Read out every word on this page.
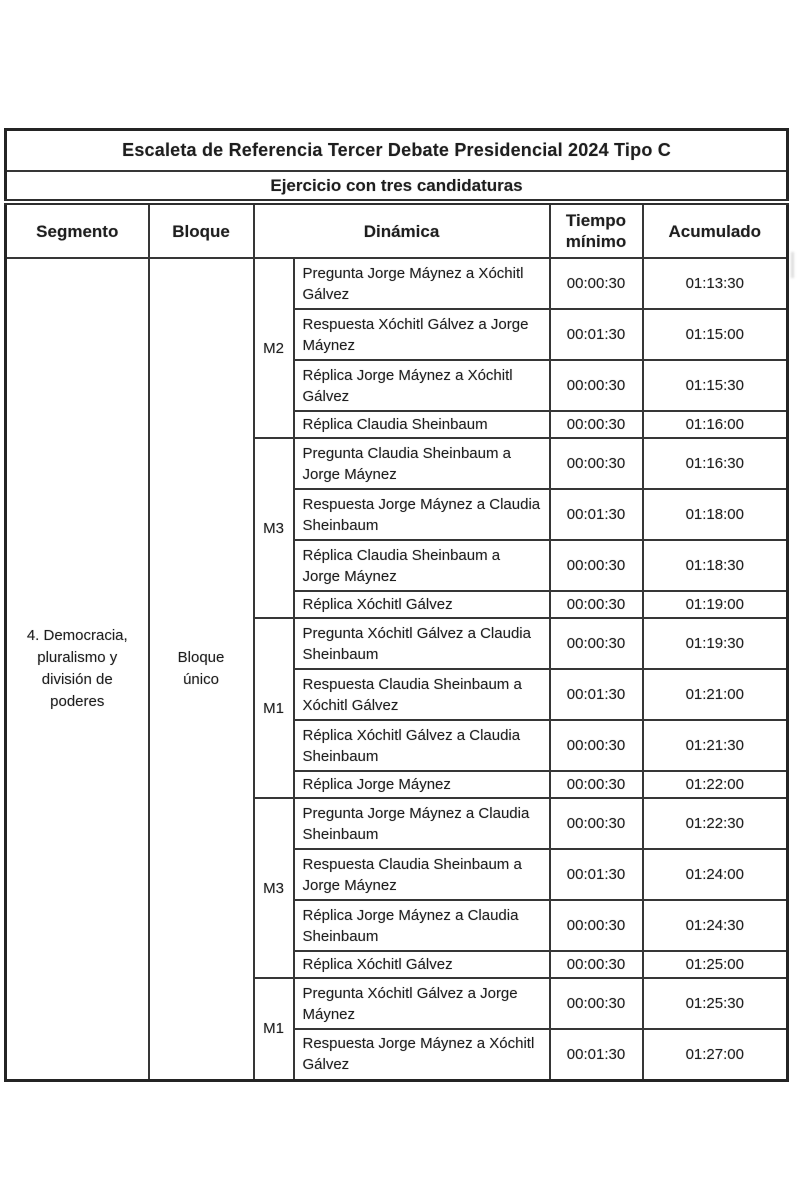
Escaleta de Referencia Tercer Debate Presidencial 2024 Tipo C					
Ejercicio con tres candidaturas					
Segmento	Bloque	Dinámica		Tiempo mínimo	Acumulado
4. Democracia, pluralismo y división de poderes	Bloque único	M2	Pregunta Jorge Máynez a Xóchitl Gálvez	00:00:30	01:13:30
			Respuesta Xóchitl Gálvez a Jorge Máynez	00:01:30	01:15:00
			Réplica Jorge Máynez a Xóchitl Gálvez	00:00:30	01:15:30
			Réplica Claudia Sheinbaum	00:00:30	01:16:00
		M3	Pregunta Claudia Sheinbaum a Jorge Máynez	00:00:30	01:16:30
			Respuesta Jorge Máynez a Claudia Sheinbaum	00:01:30	01:18:00
			Réplica Claudia Sheinbaum a Jorge Máynez	00:00:30	01:18:30
			Réplica Xóchitl Gálvez	00:00:30	01:19:00
		M1	Pregunta Xóchitl Gálvez a Claudia Sheinbaum	00:00:30	01:19:30
			Respuesta Claudia Sheinbaum a Xóchitl Gálvez	00:01:30	01:21:00
			Réplica Xóchitl Gálvez a Claudia Sheinbaum	00:00:30	01:21:30
			Réplica Jorge Máynez	00:00:30	01:22:00
		M3	Pregunta Jorge Máynez a Claudia Sheinbaum	00:00:30	01:22:30
			Respuesta Claudia Sheinbaum a Jorge Máynez	00:01:30	01:24:00
			Réplica Jorge Máynez a Claudia Sheinbaum	00:00:30	01:24:30
			Réplica Xóchitl Gálvez	00:00:30	01:25:00
		M1	Pregunta Xóchitl Gálvez a Jorge Máynez	00:00:30	01:25:30
			Respuesta Jorge Máynez a Xóchitl Gálvez	00:01:30	01:27:00
